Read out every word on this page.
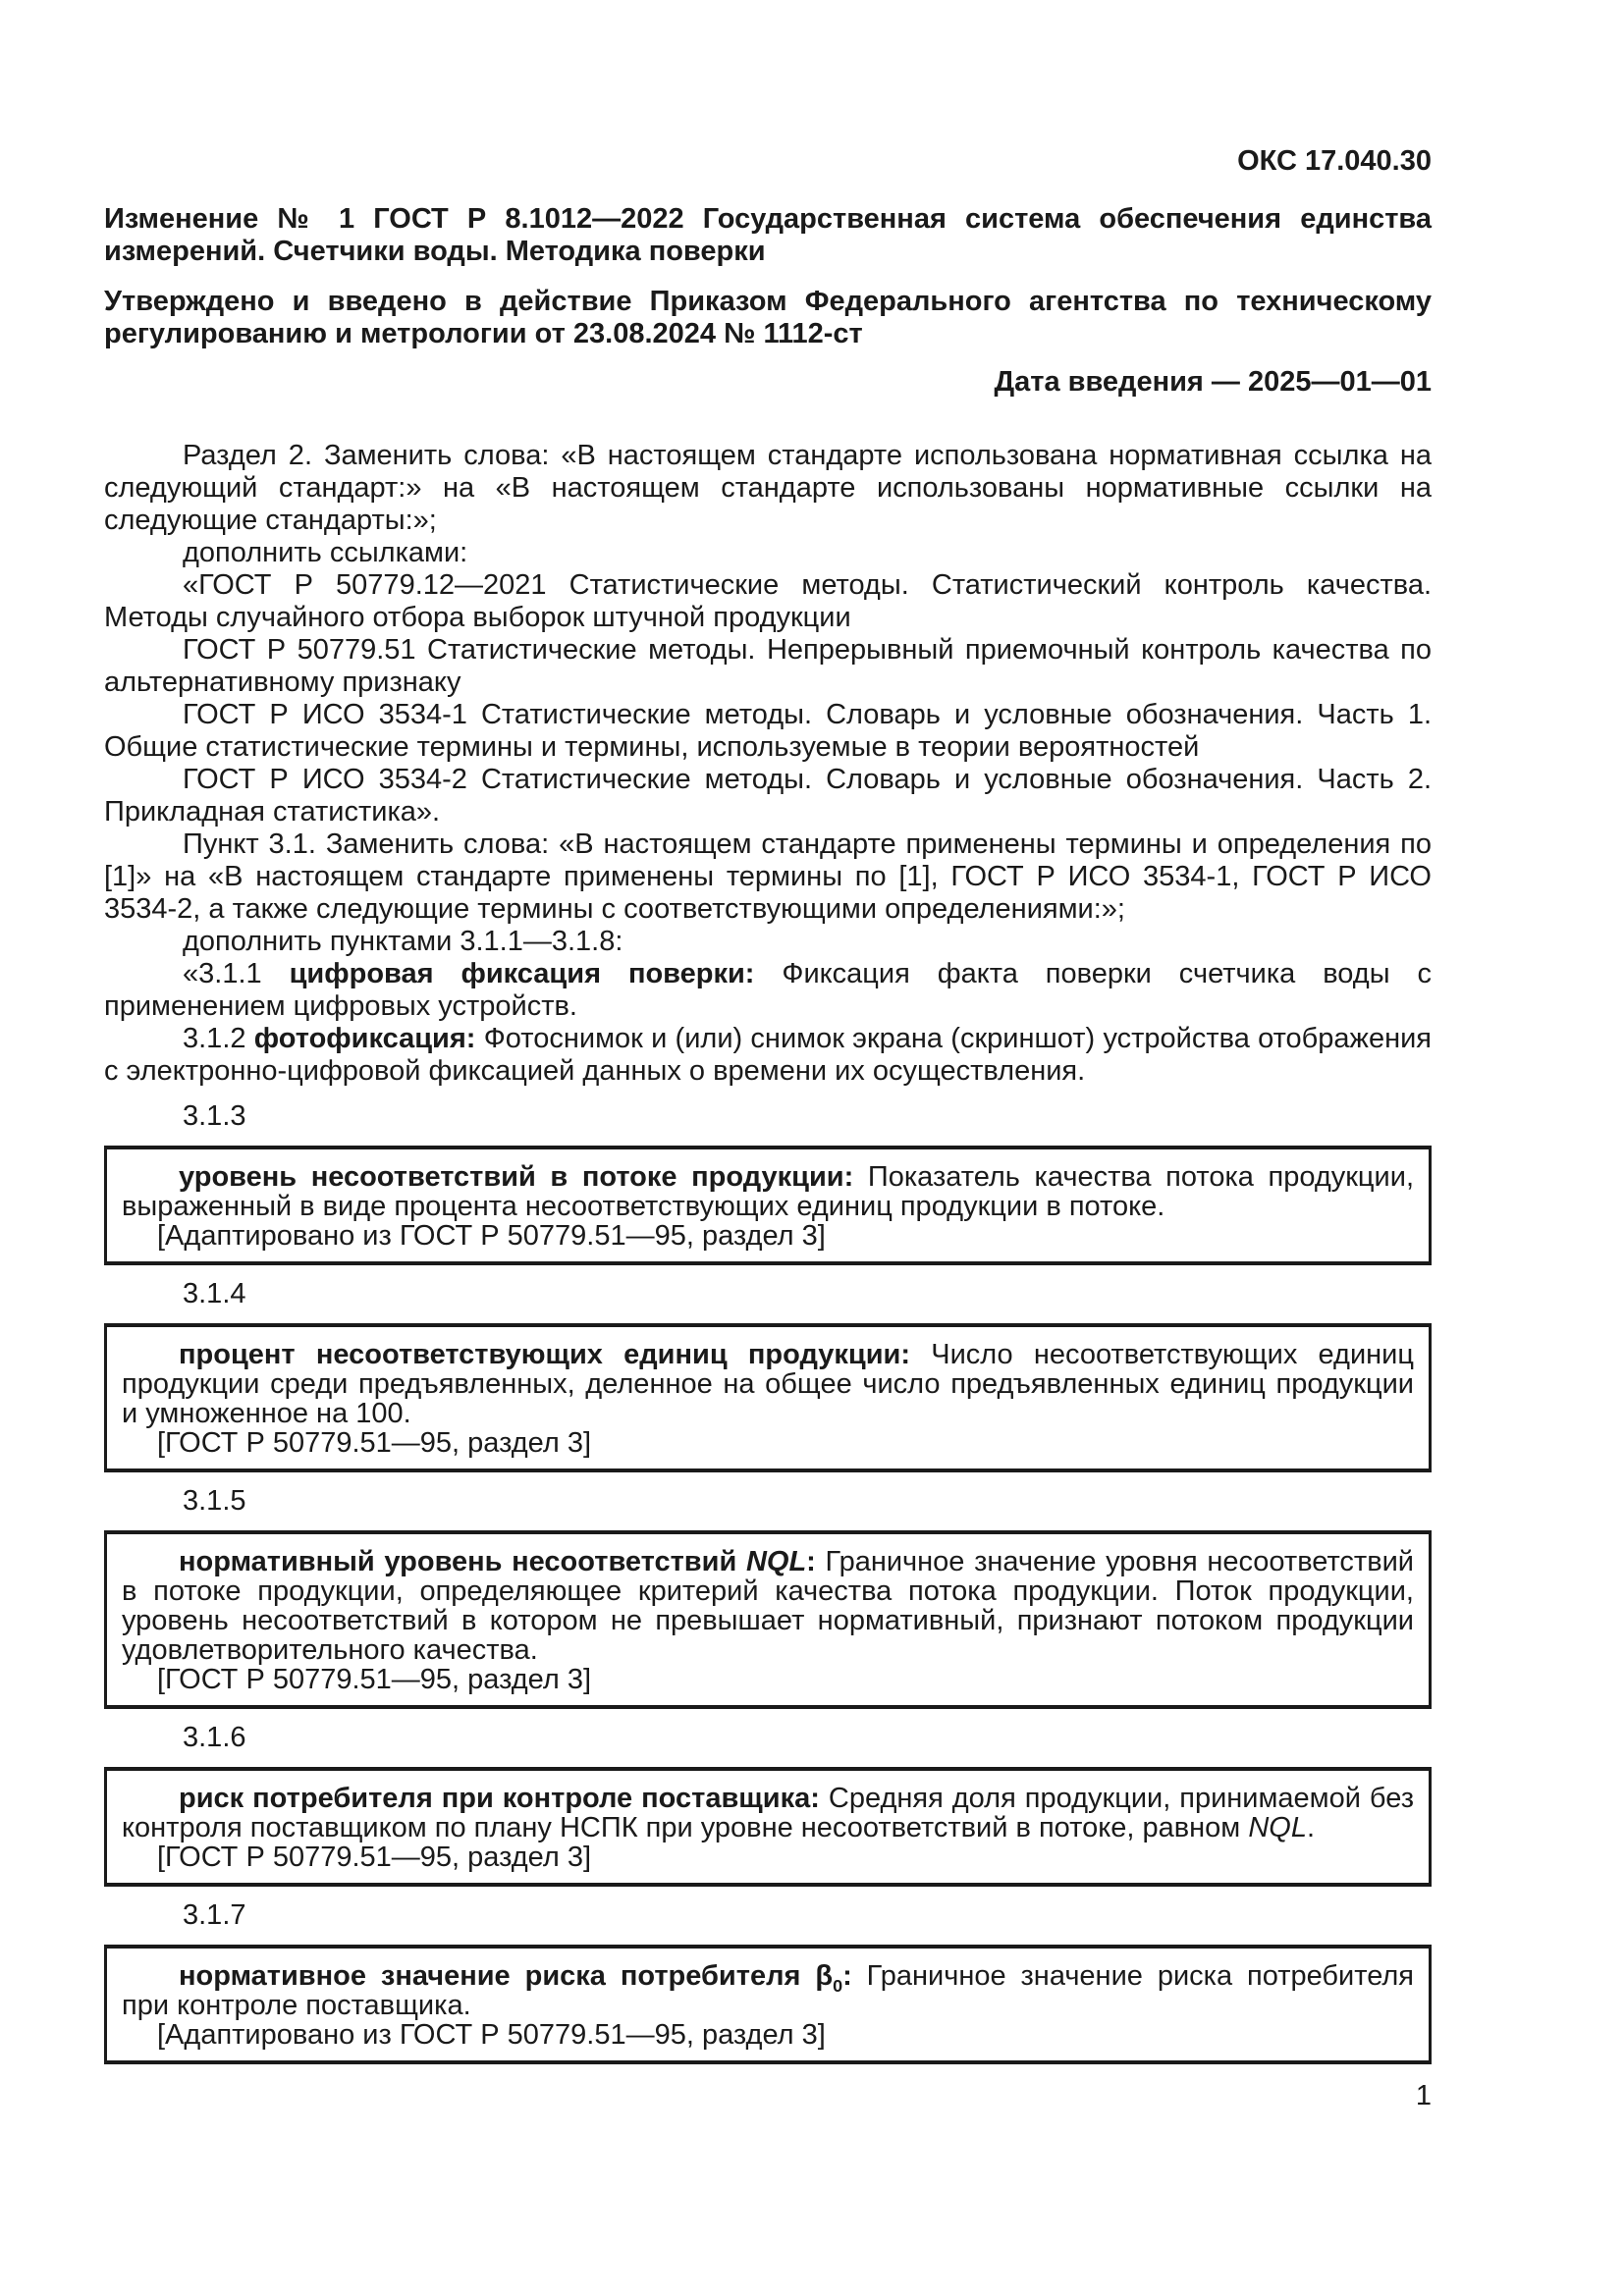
ОКС 17.040.30

Изменение № 1 ГОСТ Р 8.1012—2022 Государственная система обеспечения единства измерений. Счетчики воды. Методика поверки

Утверждено и введено в действие Приказом Федерального агентства по техническому регулированию и метрологии от 23.08.2024 № 1112-ст

Дата введения — 2025—01—01

Раздел 2. Заменить слова: «В настоящем стандарте использована нормативная ссылка на следующий стандарт:» на «В настоящем стандарте использованы нормативные ссылки на следующие стандарты:»;

дополнить ссылками:

«ГОСТ Р 50779.12—2021 Статистические методы. Статистический контроль качества. Методы случайного отбора выборок штучной продукции

ГОСТ Р 50779.51 Статистические методы. Непрерывный приемочный контроль качества по альтернативному признаку

ГОСТ Р ИСО 3534-1 Статистические методы. Словарь и условные обозначения. Часть 1. Общие статистические термины и термины, используемые в теории вероятностей

ГОСТ Р ИСО 3534-2 Статистические методы. Словарь и условные обозначения. Часть 2. Прикладная статистика».

Пункт 3.1. Заменить слова: «В настоящем стандарте применены термины и определения по [1]» на «В настоящем стандарте применены термины по [1], ГОСТ Р ИСО 3534-1, ГОСТ Р ИСО 3534-2, а также следующие термины с соответствующими определениями:»;

дополнить пунктами 3.1.1—3.1.8:

«3.1.1 цифровая фиксация поверки: Фиксация факта поверки счетчика воды с применением цифровых устройств.

3.1.2 фотофиксация: Фотоснимок и (или) снимок экрана (скриншот) устройства отображения с электронно-цифровой фиксацией данных о времени их осуществления.

3.1.3

уровень несоответствий в потоке продукции: Показатель качества потока продукции, выраженный в виде процента несоответствующих единиц продукции в потоке.

[Адаптировано из ГОСТ Р 50779.51—95, раздел 3]

3.1.4

процент несоответствующих единиц продукции: Число несоответствующих единиц продукции среди предъявленных, деленное на общее число предъявленных единиц продукции и умноженное на 100.

[ГОСТ Р 50779.51—95, раздел 3]

3.1.5

нормативный уровень несоответствий NQL: Граничное значение уровня несоответствий в потоке продукции, определяющее критерий качества потока продукции. Поток продукции, уровень несоответствий в котором не превышает нормативный, признают потоком продукции удовлетворительного качества.

[ГОСТ Р 50779.51—95, раздел 3]

3.1.6

риск потребителя при контроле поставщика: Средняя доля продукции, принимаемой без контроля поставщиком по плану НСПК при уровне несоответствий в потоке, равном NQL.

[ГОСТ Р 50779.51—95, раздел 3]

3.1.7

нормативное значение риска потребителя $\beta_0$: Граничное значение риска потребителя при контроле поставщика.

[Адаптировано из ГОСТ Р 50779.51—95, раздел 3]

1
